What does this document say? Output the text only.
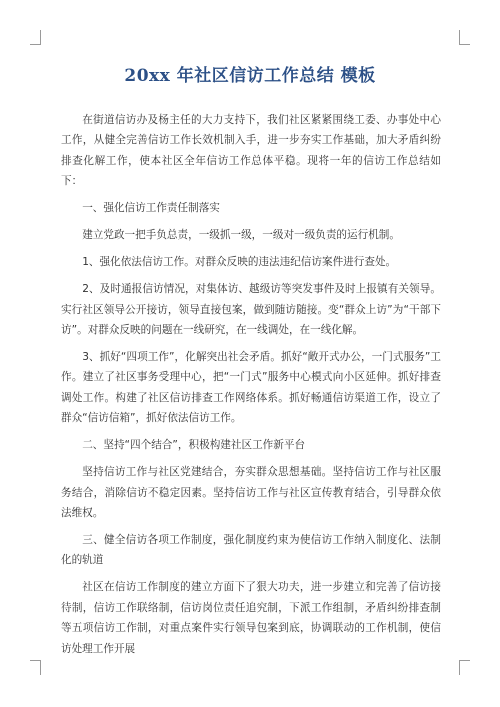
20xx 年社区信访工作总结 模板

在街道信访办及杨主任的大力支持下，我们社区紧紧围绕工委、办事处中心工作，从健全完善信访工作长效机制入手，进一步夯实工作基础，加大矛盾纠纷排查化解工作，使本社区全年信访工作总体平稳。现将一年的信访工作总结如下：

一、强化信访工作责任制落实

建立党政一把手负总责，一级抓一级，一级对一级负责的运行机制。

1、强化依法信访工作。对群众反映的违法违纪信访案件进行查处。

2、及时通报信访情况，对集体访、越级访等突发事件及时上报镇有关领导。实行社区领导公开接访，领导直接包案，做到随访随接。变“群众上访”为“干部下访”。对群众反映的问题在一线研究，在一线调处，在一线化解。

3、抓好“四项工作”，化解突出社会矛盾。抓好“敞开式办公，一门式服务”工作。建立了社区事务受理中心，把“一门式”服务中心模式向小区延伸。抓好排查调处工作。构建了社区信访排查工作网络体系。抓好畅通信访渠道工作，设立了群众“信访信箱”，抓好依法信访工作。

二、坚持“四个结合”，积极构建社区工作新平台

坚持信访工作与社区党建结合，夯实群众思想基础。坚持信访工作与社区服务结合，消除信访不稳定因素。坚持信访工作与社区宣传教育结合，引导群众依法维权。

三、健全信访各项工作制度，强化制度约束为使信访工作纳入制度化、法制化的轨道

社区在信访工作制度的建立方面下了狠大功夫，进一步建立和完善了信访接待制，信访工作联络制，信访岗位责任追究制，下派工作组制，矛盾纠纷排查制等五项信访工作制，对重点案件实行领导包案到底，协调联动的工作机制，使信访处理工作开展
